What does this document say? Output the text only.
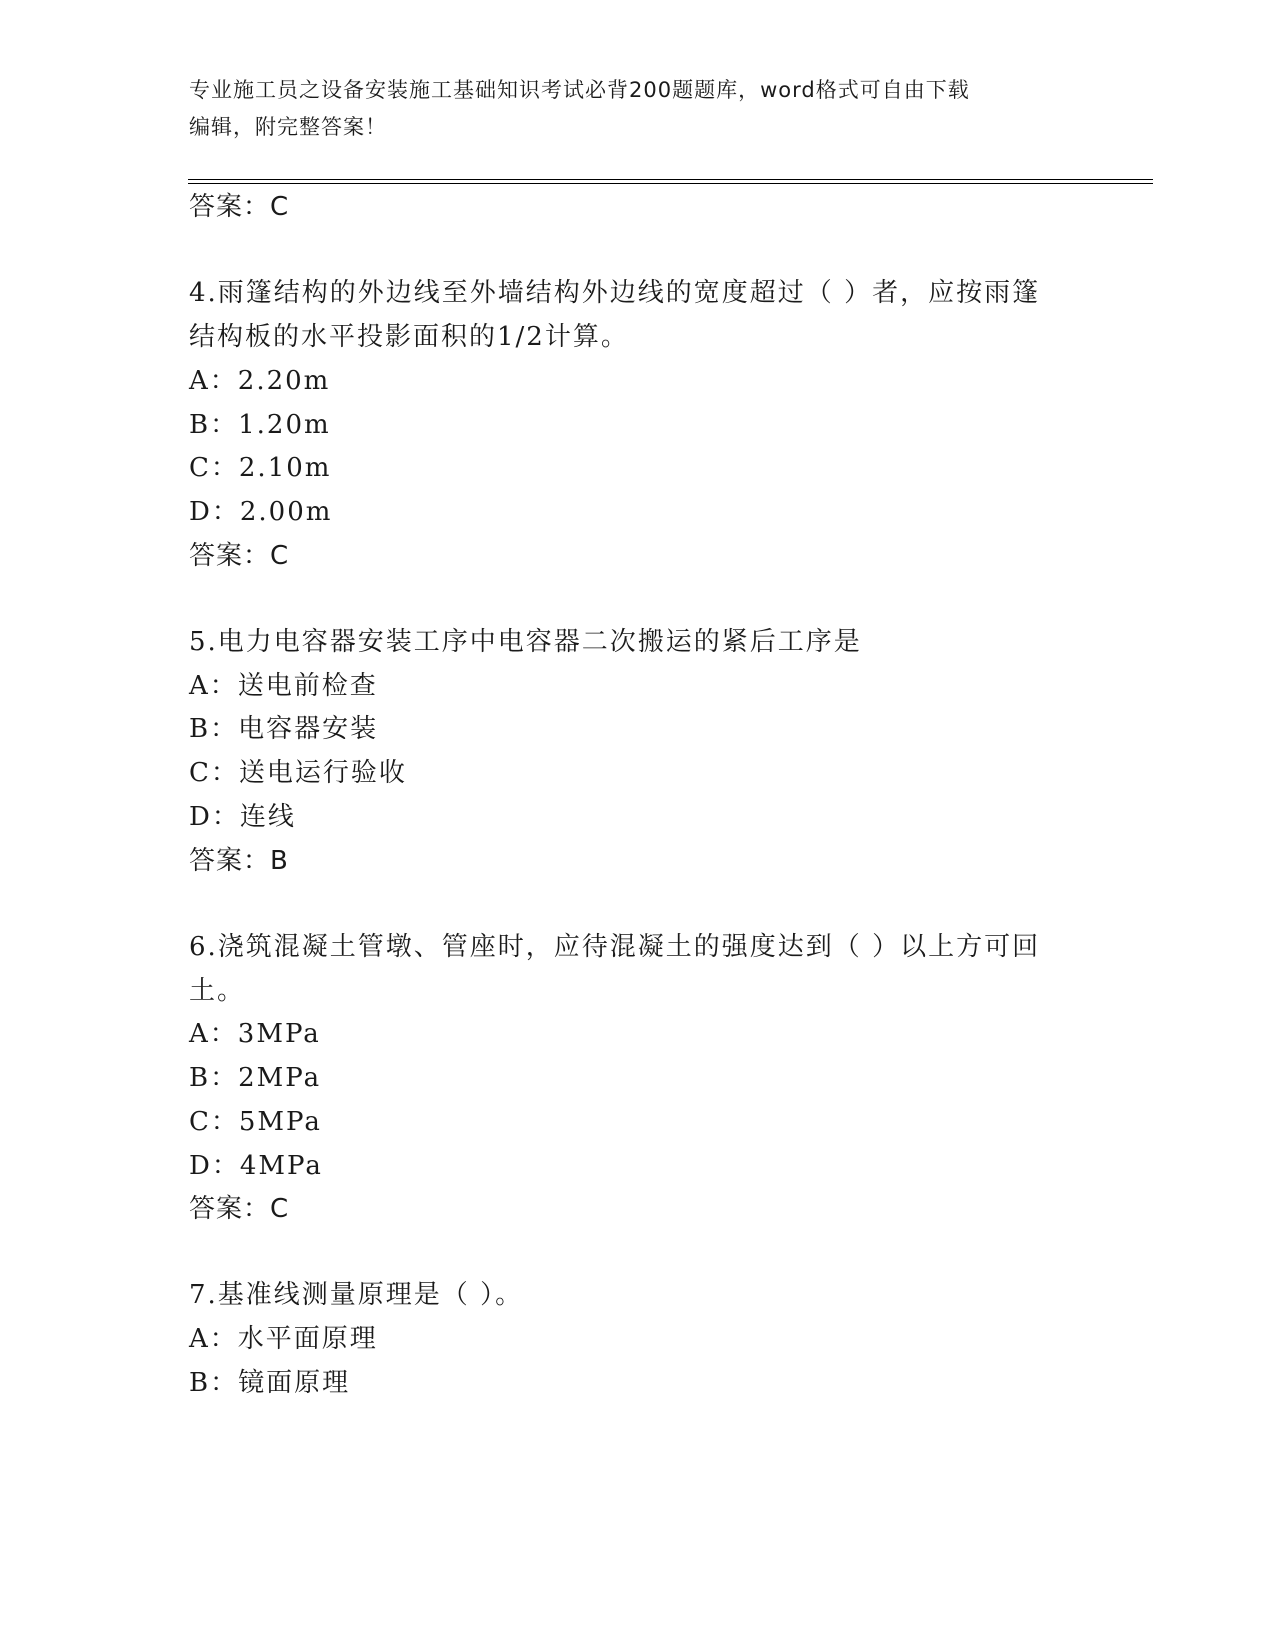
专业施工员之设备安装施工基础知识考试必背200题题库，word格式可自由下载
编辑，附完整答案！
答案：C
4.雨篷结构的外边线至外墙结构外边线的宽度超过（ ）者，应按雨篷
结构板的水平投影面积的1/2计算。
A：2.20m
B：1.20m
C：2.10m
D：2.00m
答案：C
5.电力电容器安装工序中电容器二次搬运的紧后工序是
A：送电前检查
B：电容器安装
C：送电运行验收
D：连线
答案：B
6.浇筑混凝土管墩、管座时，应待混凝土的强度达到（ ）以上方可回
土。
A：3MPa
B：2MPa
C：5MPa
D：4MPa
答案：C
7.基准线测量原理是（ ）。
A：水平面原理
B：镜面原理
